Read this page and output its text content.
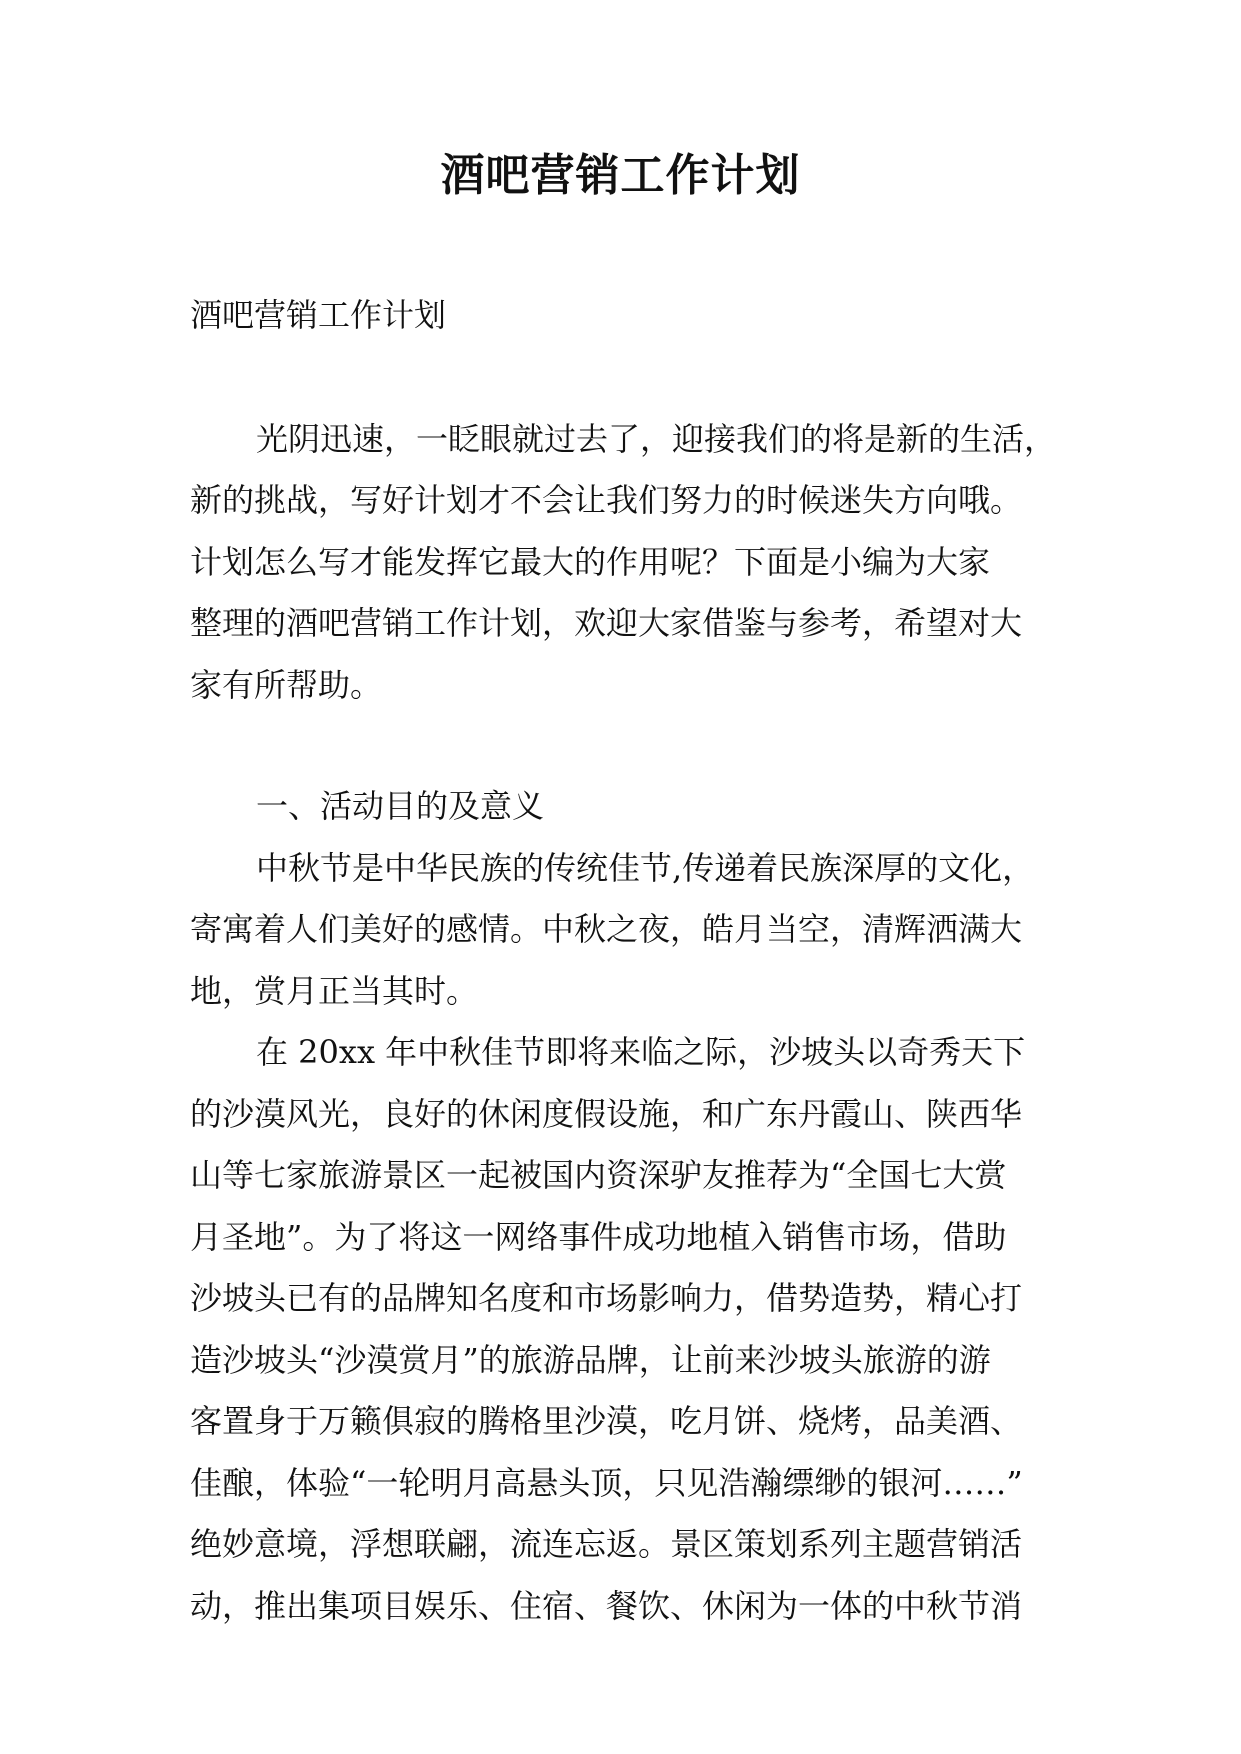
酒吧营销工作计划

酒吧营销工作计划

光阴迅速，一眨眼就过去了，迎接我们的将是新的生活，

新的挑战，写好计划才不会让我们努力的时候迷失方向哦。

计划怎么写才能发挥它最大的作用呢？下面是小编为大家

整理的酒吧营销工作计划，欢迎大家借鉴与参考，希望对大

家有所帮助。

一、活动目的及意义

中秋节是中华民族的传统佳节,传递着民族深厚的文化，

寄寓着人们美好的感情。中秋之夜，皓月当空，清辉洒满大

地，赏月正当其时。

在 20xx 年中秋佳节即将来临之际，沙坡头以奇秀天下

的沙漠风光，良好的休闲度假设施，和广东丹霞山、陕西华

山等七家旅游景区一起被国内资深驴友推荐为“全国七大赏

月圣地”。为了将这一网络事件成功地植入销售市场，借助

沙坡头已有的品牌知名度和市场影响力，借势造势，精心打

造沙坡头“沙漠赏月”的旅游品牌，让前来沙坡头旅游的游

客置身于万籁俱寂的腾格里沙漠，吃月饼、烧烤，品美酒、

佳酿，体验“一轮明月高悬头顶，只见浩瀚缥缈的银河……”

绝妙意境，浮想联翩，流连忘返。景区策划系列主题营销活

动，推出集项目娱乐、住宿、餐饮、休闲为一体的中秋节消
